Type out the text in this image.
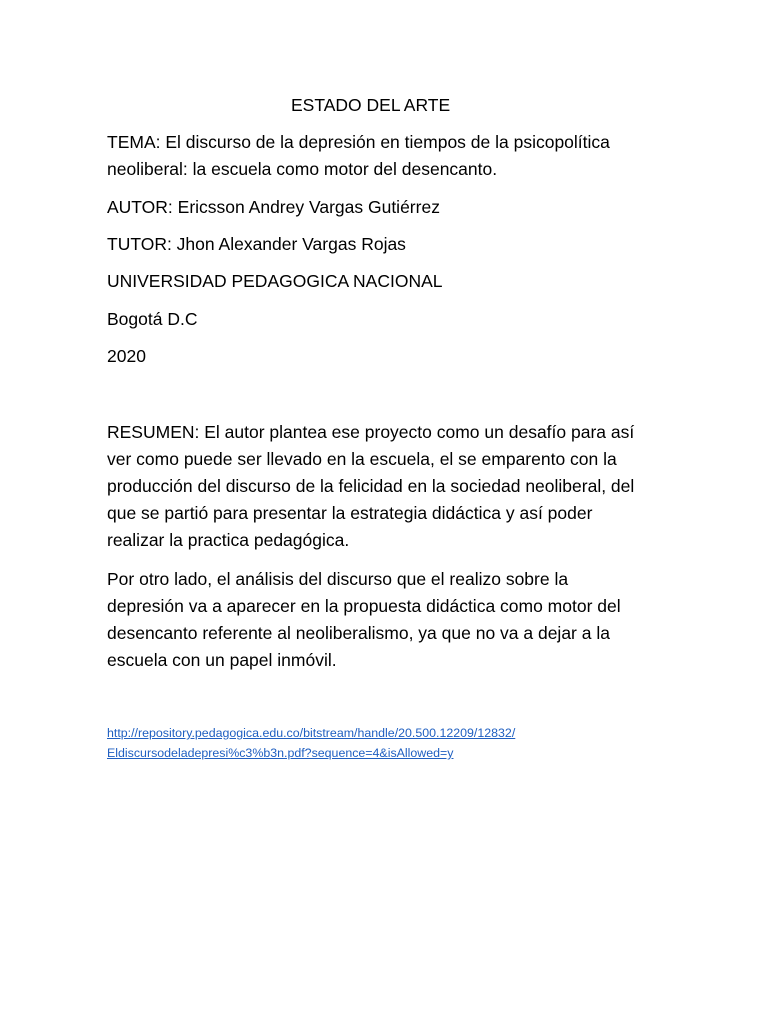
ESTADO DEL ARTE
TEMA: El discurso de la depresión en tiempos de la psicopolítica
neoliberal: la escuela como motor del desencanto.
AUTOR: Ericsson Andrey Vargas Gutiérrez
TUTOR: Jhon Alexander Vargas Rojas
UNIVERSIDAD PEDAGOGICA NACIONAL
Bogotá D.C
2020
RESUMEN: El autor plantea ese proyecto como un desafío para así
ver como puede ser llevado en la escuela, el se emparento con la
producción del discurso de la felicidad en la sociedad neoliberal, del
que se partió para presentar la estrategia didáctica y así poder
realizar la practica pedagógica.
Por otro lado, el análisis del discurso que el realizo sobre la
depresión va a aparecer en la propuesta didáctica como motor del
desencanto referente al neoliberalismo, ya que no va a dejar a la
escuela con un papel inmóvil.
http://repository.pedagogica.edu.co/bitstream/handle/20.500.12209/12832/
Eldiscursodeladepresi%c3%b3n.pdf?sequence=4&isAllowed=y
